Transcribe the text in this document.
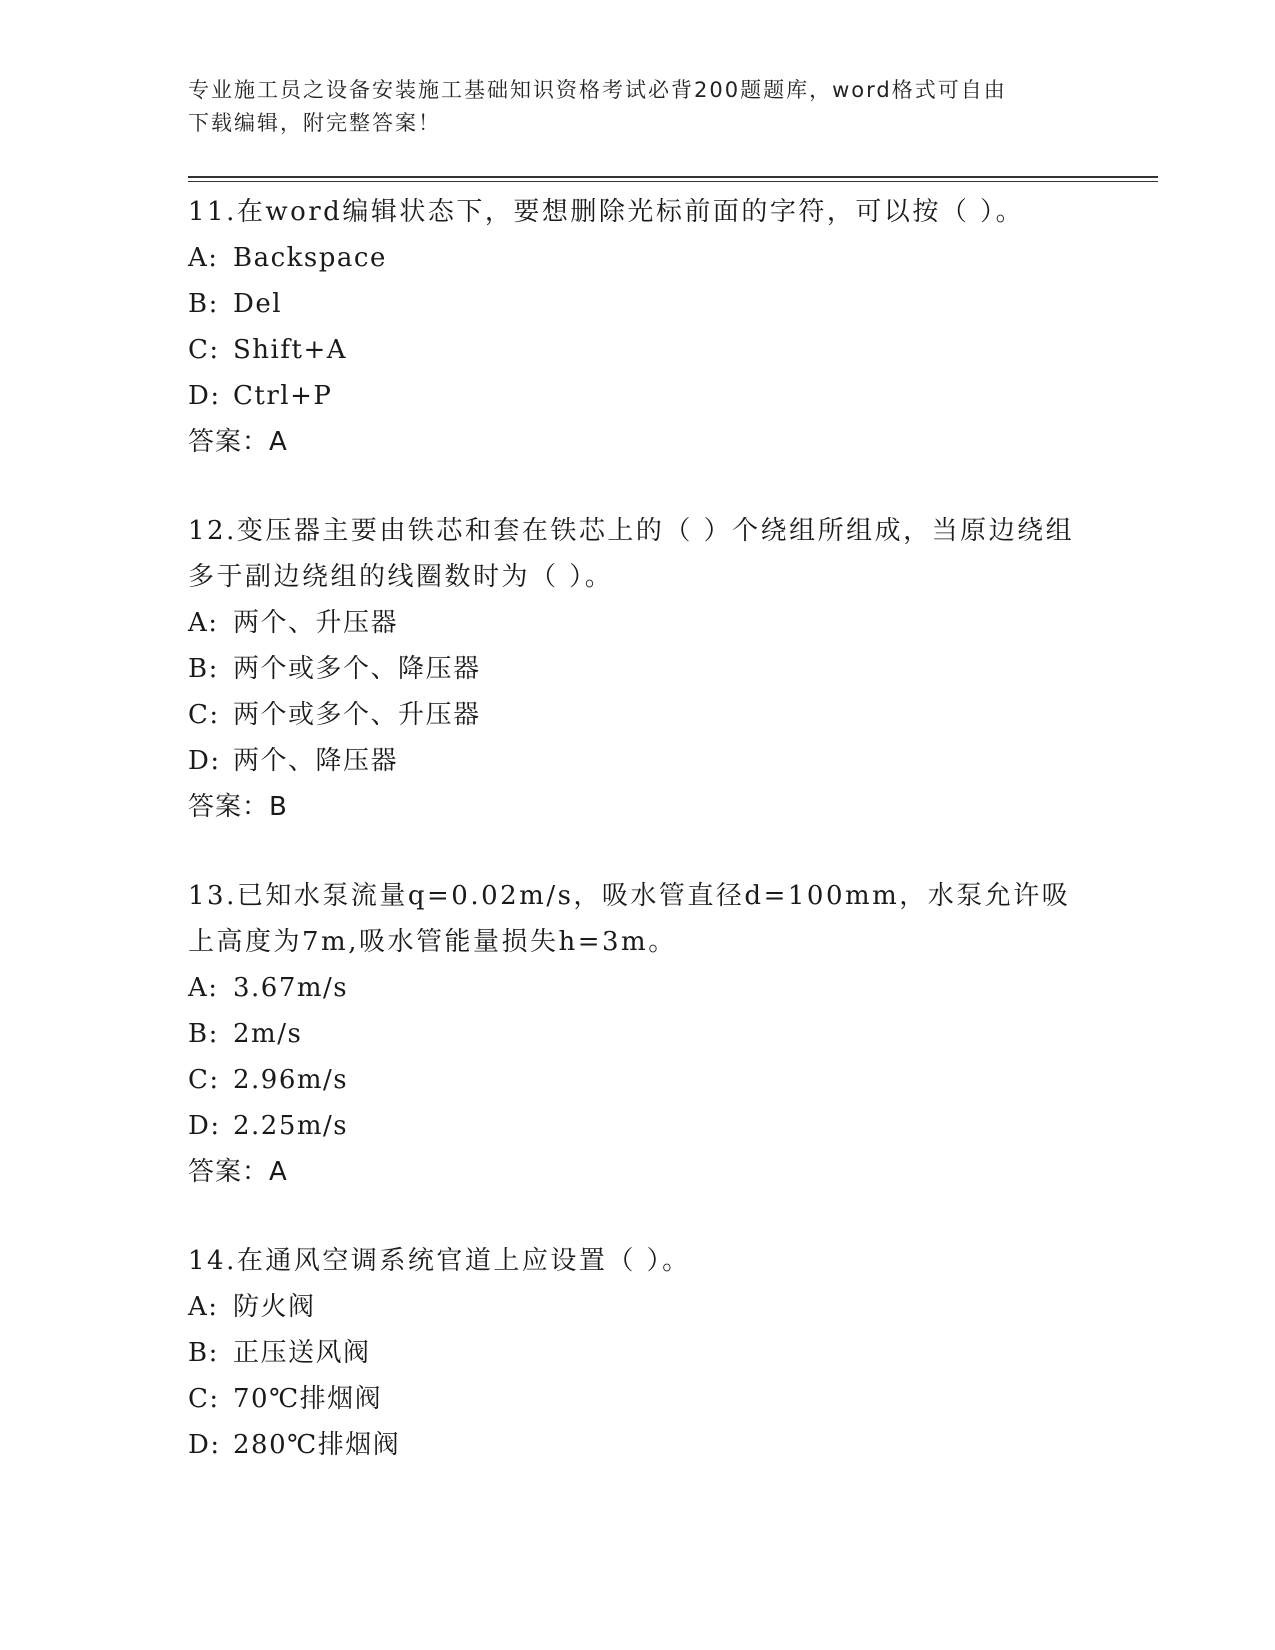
专业施工员之设备安装施工基础知识资格考试必背200题题库，word格式可自由
下载编辑，附完整答案！

11.在word编辑状态下，要想删除光标前面的字符，可以按（ ）。

A: Backspace

B: Del

C: Shift+A

D: Ctrl+P

答案：A

12.变压器主要由铁芯和套在铁芯上的（ ）个绕组所组成，当原边绕组多于副边绕组的线圈数时为（ ）。

A: 两个、升压器

B: 两个或多个、降压器

C: 两个或多个、升压器

D: 两个、降压器

答案：B

13.已知水泵流量q=0.02m/s，吸水管直径d=100mm，水泵允许吸上高度为7m,吸水管能量损失h=3m。

A: 3.67m/s

B: 2m/s

C: 2.96m/s

D: 2.25m/s

答案：A

14.在通风空调系统官道上应设置（ ）。

A: 防火阀

B: 正压送风阀

C: 70℃排烟阀

D: 280℃排烟阀
